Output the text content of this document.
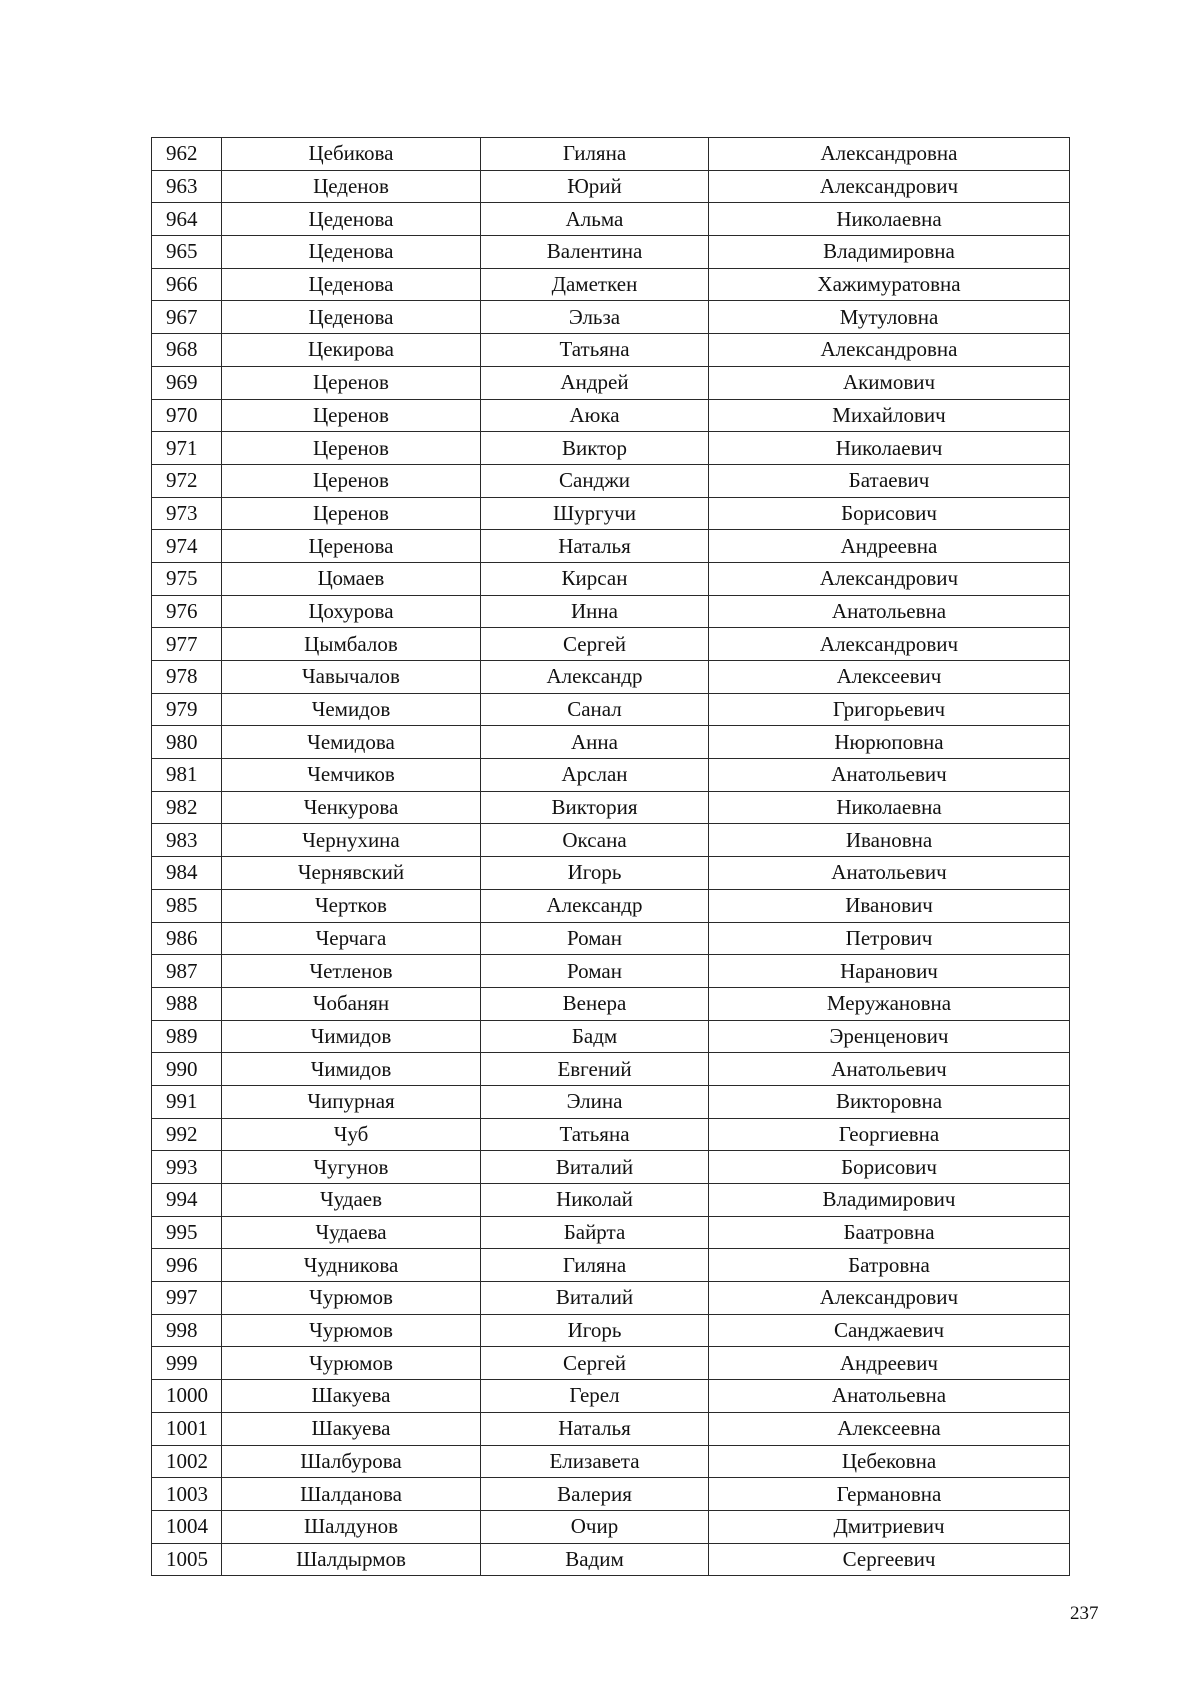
962	Цебикова	Гиляна	Александровна
963	Цеденов	Юрий	Александрович
964	Цеденова	Альма	Николаевна
965	Цеденова	Валентина	Владимировна
966	Цеденова	Даметкен	Хажимуратовна
967	Цеденова	Эльза	Мутуловна
968	Цекирова	Татьяна	Александровна
969	Церенов	Андрей	Акимович
970	Церенов	Аюка	Михайлович
971	Церенов	Виктор	Николаевич
972	Церенов	Санджи	Батаевич
973	Церенов	Шургучи	Борисович
974	Церенова	Наталья	Андреевна
975	Цомаев	Кирсан	Александрович
976	Цохурова	Инна	Анатольевна
977	Цымбалов	Сергей	Александрович
978	Чавычалов	Александр	Алексеевич
979	Чемидов	Санал	Григорьевич
980	Чемидова	Анна	Нюрюповна
981	Чемчиков	Арслан	Анатольевич
982	Ченкурова	Виктория	Николаевна
983	Чернухина	Оксана	Ивановна
984	Чернявский	Игорь	Анатольевич
985	Чертков	Александр	Иванович
986	Черчага	Роман	Петрович
987	Четленов	Роман	Наранович
988	Чобанян	Венера	Меружановна
989	Чимидов	Бадм	Эренценович
990	Чимидов	Евгений	Анатольевич
991	Чипурная	Элина	Викторовна
992	Чуб	Татьяна	Георгиевна
993	Чугунов	Виталий	Борисович
994	Чудаев	Николай	Владимирович
995	Чудаева	Байрта	Баатровна
996	Чудникова	Гиляна	Батровна
997	Чурюмов	Виталий	Александрович
998	Чурюмов	Игорь	Санджаевич
999	Чурюмов	Сергей	Андреевич
1000	Шакуева	Герел	Анатольевна
1001	Шакуева	Наталья	Алексеевна
1002	Шалбурова	Елизавета	Цебековна
1003	Шалданова	Валерия	Германовна
1004	Шалдунов	Очир	Дмитриевич
1005	Шалдырмов	Вадим	Сергеевич
237
